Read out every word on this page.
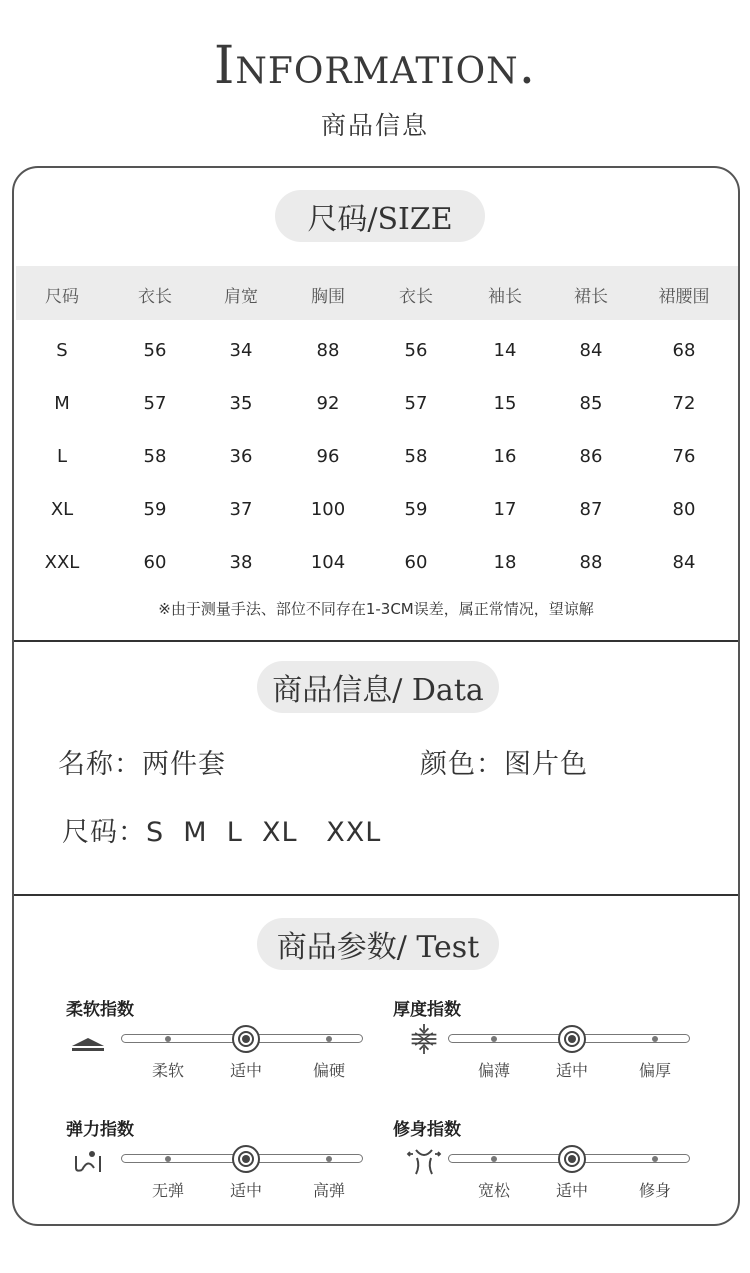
Information.
商品信息
尺码/SIZE
尺码	衣长	肩宽	胸围	衣长	袖长	裙长	裙腰围
S	56	34	88	56	14	84	68
M	57	35	92	57	15	85	72
L	58	36	96	58	16	86	76
XL	59	37	100	59	17	87	80
XXL	60	38	104	60	18	88	84
※由于测量手法、部位不同存在1-3CM误差，属正常情况，望谅解
商品信息/ Data
名称：两件套	颜色：图片色
尺码：S  M  L  XL   XXL
商品参数/ Test
柔软指数
柔软	适中	偏硬
厚度指数
偏薄	适中	偏厚
弹力指数
无弹	适中	高弹
修身指数
宽松	适中	修身
